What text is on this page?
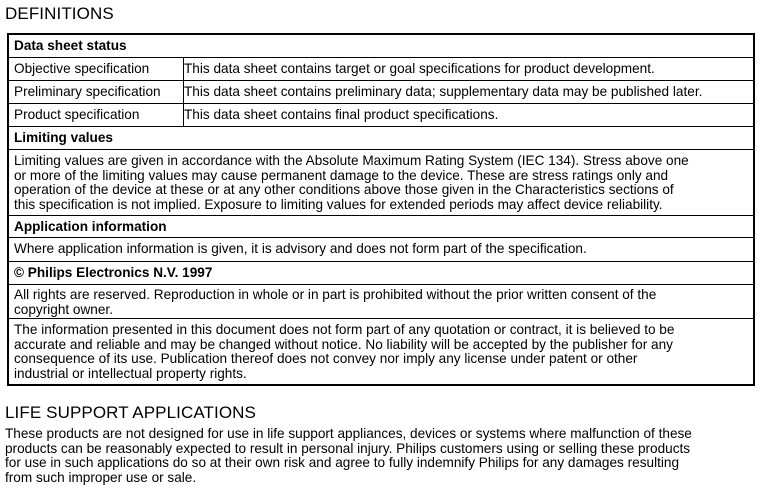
DEFINITIONS
Data sheet status
Objective specification	This data sheet contains target or goal specifications for product development.
Preliminary specification	This data sheet contains preliminary data; supplementary data may be published later.
Product specification	This data sheet contains final product specifications.
Limiting values
Limiting values are given in accordance with the Absolute Maximum Rating System (IEC 134). Stress above one
or more of the limiting values may cause permanent damage to the device. These are stress ratings only and
operation of the device at these or at any other conditions above those given in the Characteristics sections of
this specification is not implied. Exposure to limiting values for extended periods may affect device reliability.
Application information
Where application information is given, it is advisory and does not form part of the specification.
© Philips Electronics N.V. 1997
All rights are reserved. Reproduction in whole or in part is prohibited without the prior written consent of the
copyright owner.
The information presented in this document does not form part of any quotation or contract, it is believed to be
accurate and reliable and may be changed without notice. No liability will be accepted by the publisher for any
consequence of its use. Publication thereof does not convey nor imply any license under patent or other
industrial or intellectual property rights.
LIFE SUPPORT APPLICATIONS

These products are not designed for use in life support appliances, devices or systems where malfunction of these
products can be reasonably expected to result in personal injury. Philips customers using or selling these products
for use in such applications do so at their own risk and agree to fully indemnify Philips for any damages resulting
from such improper use or sale.
